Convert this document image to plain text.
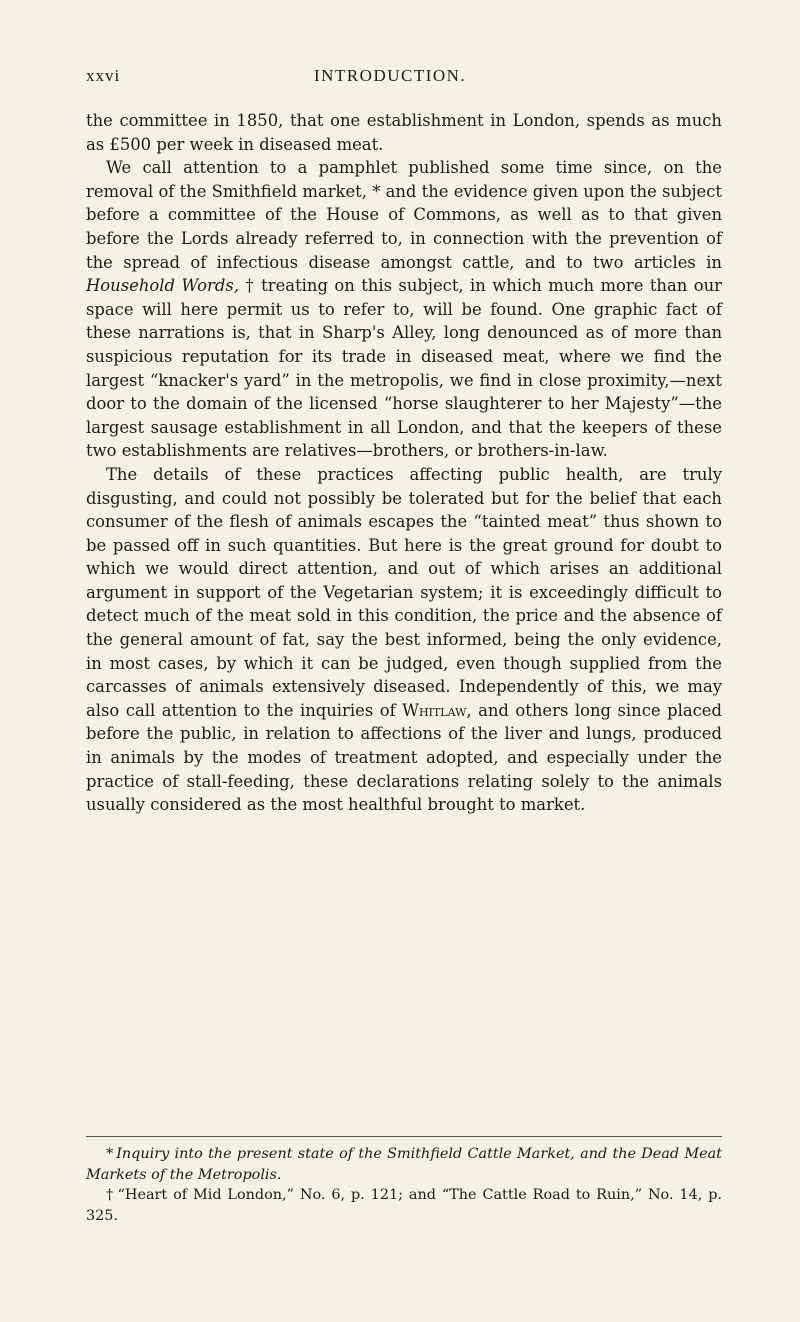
xxvi	INTRODUCTION.

the committee in 1850, that one establishment in London, spends as much as £500 per week in diseased meat.

We call attention to a pamphlet published some time since, on the removal of the Smithfield market, * and the evidence given upon the subject before a committee of the House of Commons, as well as to that given before the Lords already referred to, in connection with the prevention of the spread of infectious disease amongst cattle, and to two articles in Household Words, † treating on this subject, in which much more than our space will here permit us to refer to, will be found. One graphic fact of these narrations is, that in Sharp's Alley, long denounced as of more than suspicious reputation for its trade in diseased meat, where we find the largest “knacker's yard” in the metropolis, we find in close proximity,—next door to the domain of the licensed “horse slaughterer to her Majesty”—the largest sausage establishment in all London, and that the keepers of these two establishments are relatives—brothers, or brothers-in-law.

The details of these practices affecting public health, are truly disgusting, and could not possibly be tolerated but for the belief that each consumer of the flesh of animals escapes the “tainted meat” thus shown to be passed off in such quantities. But here is the great ground for doubt to which we would direct attention, and out of which arises an additional argument in support of the Vegetarian system; it is exceedingly difficult to detect much of the meat sold in this condition, the price and the absence of the general amount of fat, say the best informed, being the only evidence, in most cases, by which it can be judged, even though supplied from the carcasses of animals extensively diseased. Independently of this, we may also call attention to the inquiries of Whitlaw, and others long since placed before the public, in relation to affections of the liver and lungs, produced in animals by the modes of treatment adopted, and especially under the practice of stall-feeding, these declarations relating solely to the animals usually considered as the most healthful brought to market.

* Inquiry into the present state of the Smithfield Cattle Market, and the Dead Meat Markets of the Metropolis.

† “Heart of Mid London,” No. 6, p. 121; and “The Cattle Road to Ruin,” No. 14, p. 325.
